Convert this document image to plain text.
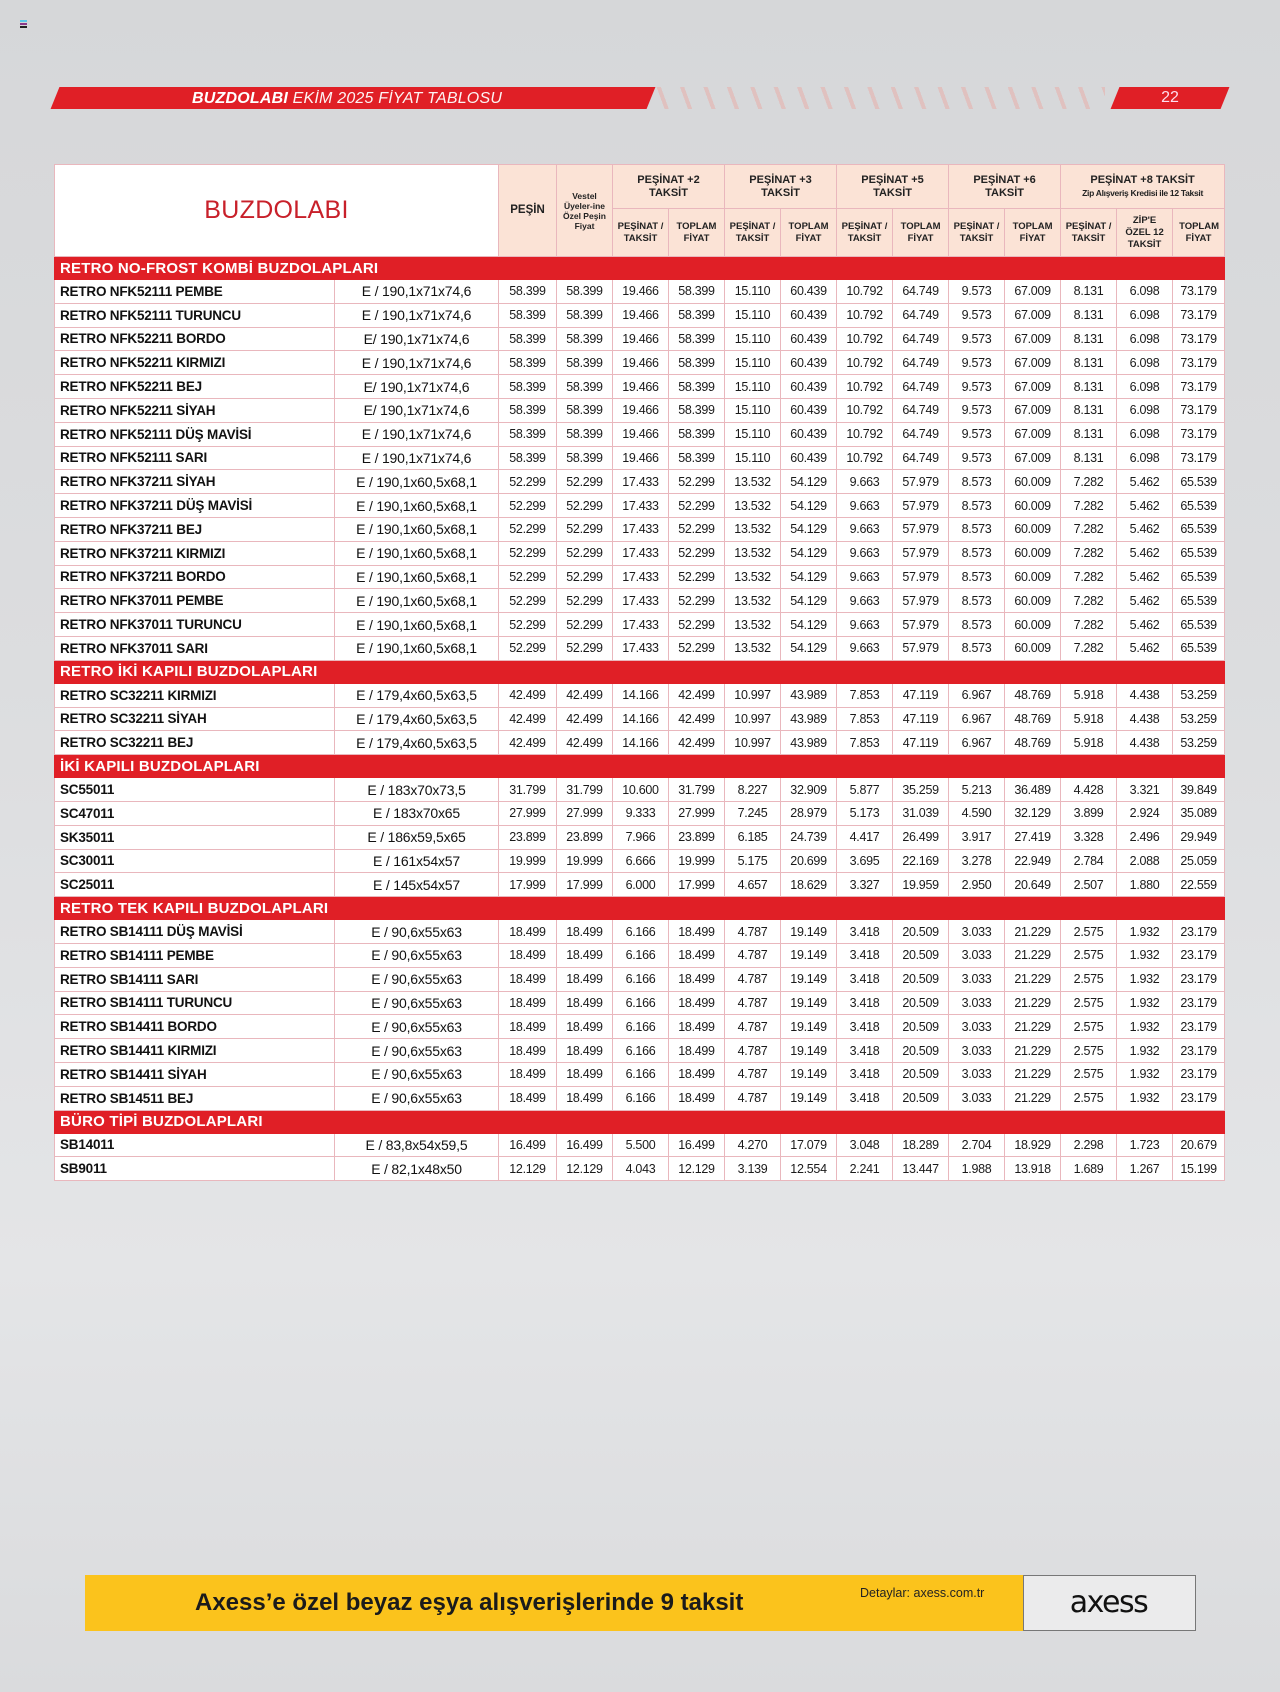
BUZDOLABI EKİM 2025 FİYAT TABLOSU	22
BUZDOLABI		PEŞİN	Vestel Üyeler-ine Özel Peşin Fiyat	PEŞİNAT +2 TAKSİT		PEŞİNAT +3 TAKSİT		PEŞİNAT +5 TAKSİT		PEŞİNAT +6 TAKSİT		PEŞİNAT +8 TAKSİT
Zip Alışveriş Kredisi ile 12 Taksit		

				PEŞİNAT / TAKSİT	TOPLAM FİYAT	PEŞİNAT / TAKSİT	TOPLAM FİYAT	PEŞİNAT / TAKSİT	TOPLAM FİYAT	PEŞİNAT / TAKSİT	TOPLAM FİYAT	PEŞİNAT / TAKSİT	ZİP'E ÖZEL 12 TAKSİT	TOPLAM FİYAT
RETRO NO-FROST KOMBİ BUZDOLAPLARI														
RETRO NFK52111 PEMBE	E / 190,1x71x74,6	58.399	58.399	19.466	58.399	15.110	60.439	10.792	64.749	9.573	67.009	8.131	6.098	73.179
RETRO NFK52111 TURUNCU	E / 190,1x71x74,6	58.399	58.399	19.466	58.399	15.110	60.439	10.792	64.749	9.573	67.009	8.131	6.098	73.179
RETRO NFK52211 BORDO	E/ 190,1x71x74,6	58.399	58.399	19.466	58.399	15.110	60.439	10.792	64.749	9.573	67.009	8.131	6.098	73.179
RETRO NFK52211 KIRMIZI	E / 190,1x71x74,6	58.399	58.399	19.466	58.399	15.110	60.439	10.792	64.749	9.573	67.009	8.131	6.098	73.179
RETRO NFK52211 BEJ	E/ 190,1x71x74,6	58.399	58.399	19.466	58.399	15.110	60.439	10.792	64.749	9.573	67.009	8.131	6.098	73.179
RETRO NFK52211 SİYAH	E/ 190,1x71x74,6	58.399	58.399	19.466	58.399	15.110	60.439	10.792	64.749	9.573	67.009	8.131	6.098	73.179
RETRO NFK52111 DÜŞ MAVİSİ	E / 190,1x71x74,6	58.399	58.399	19.466	58.399	15.110	60.439	10.792	64.749	9.573	67.009	8.131	6.098	73.179
RETRO NFK52111 SARI	E / 190,1x71x74,6	58.399	58.399	19.466	58.399	15.110	60.439	10.792	64.749	9.573	67.009	8.131	6.098	73.179
RETRO NFK37211 SİYAH	E / 190,1x60,5x68,1	52.299	52.299	17.433	52.299	13.532	54.129	9.663	57.979	8.573	60.009	7.282	5.462	65.539
RETRO NFK37211 DÜŞ MAVİSİ	E / 190,1x60,5x68,1	52.299	52.299	17.433	52.299	13.532	54.129	9.663	57.979	8.573	60.009	7.282	5.462	65.539
RETRO NFK37211 BEJ	E / 190,1x60,5x68,1	52.299	52.299	17.433	52.299	13.532	54.129	9.663	57.979	8.573	60.009	7.282	5.462	65.539
RETRO NFK37211 KIRMIZI	E / 190,1x60,5x68,1	52.299	52.299	17.433	52.299	13.532	54.129	9.663	57.979	8.573	60.009	7.282	5.462	65.539
RETRO NFK37211 BORDO	E / 190,1x60,5x68,1	52.299	52.299	17.433	52.299	13.532	54.129	9.663	57.979	8.573	60.009	7.282	5.462	65.539
RETRO NFK37011 PEMBE	E / 190,1x60,5x68,1	52.299	52.299	17.433	52.299	13.532	54.129	9.663	57.979	8.573	60.009	7.282	5.462	65.539
RETRO NFK37011 TURUNCU	E / 190,1x60,5x68,1	52.299	52.299	17.433	52.299	13.532	54.129	9.663	57.979	8.573	60.009	7.282	5.462	65.539
RETRO NFK37011 SARI	E / 190,1x60,5x68,1	52.299	52.299	17.433	52.299	13.532	54.129	9.663	57.979	8.573	60.009	7.282	5.462	65.539
RETRO İKİ KAPILI BUZDOLAPLARI														
RETRO SC32211 KIRMIZI	E / 179,4x60,5x63,5	42.499	42.499	14.166	42.499	10.997	43.989	7.853	47.119	6.967	48.769	5.918	4.438	53.259
RETRO SC32211 SİYAH	E / 179,4x60,5x63,5	42.499	42.499	14.166	42.499	10.997	43.989	7.853	47.119	6.967	48.769	5.918	4.438	53.259
RETRO SC32211 BEJ	E / 179,4x60,5x63,5	42.499	42.499	14.166	42.499	10.997	43.989	7.853	47.119	6.967	48.769	5.918	4.438	53.259
İKİ KAPILI BUZDOLAPLARI														
SC55011	E / 183x70x73,5	31.799	31.799	10.600	31.799	8.227	32.909	5.877	35.259	5.213	36.489	4.428	3.321	39.849
SC47011	E / 183x70x65	27.999	27.999	9.333	27.999	7.245	28.979	5.173	31.039	4.590	32.129	3.899	2.924	35.089
SK35011	E / 186x59,5x65	23.899	23.899	7.966	23.899	6.185	24.739	4.417	26.499	3.917	27.419	3.328	2.496	29.949
SC30011	E / 161x54x57	19.999	19.999	6.666	19.999	5.175	20.699	3.695	22.169	3.278	22.949	2.784	2.088	25.059
SC25011	E / 145x54x57	17.999	17.999	6.000	17.999	4.657	18.629	3.327	19.959	2.950	20.649	2.507	1.880	22.559
RETRO TEK KAPILI BUZDOLAPLARI														
RETRO SB14111 DÜŞ MAVİSİ	E / 90,6x55x63	18.499	18.499	6.166	18.499	4.787	19.149	3.418	20.509	3.033	21.229	2.575	1.932	23.179
RETRO SB14111 PEMBE	E / 90,6x55x63	18.499	18.499	6.166	18.499	4.787	19.149	3.418	20.509	3.033	21.229	2.575	1.932	23.179
RETRO SB14111 SARI	E / 90,6x55x63	18.499	18.499	6.166	18.499	4.787	19.149	3.418	20.509	3.033	21.229	2.575	1.932	23.179
RETRO SB14111 TURUNCU	E / 90,6x55x63	18.499	18.499	6.166	18.499	4.787	19.149	3.418	20.509	3.033	21.229	2.575	1.932	23.179
RETRO SB14411 BORDO	E / 90,6x55x63	18.499	18.499	6.166	18.499	4.787	19.149	3.418	20.509	3.033	21.229	2.575	1.932	23.179
RETRO SB14411 KIRMIZI	E / 90,6x55x63	18.499	18.499	6.166	18.499	4.787	19.149	3.418	20.509	3.033	21.229	2.575	1.932	23.179
RETRO SB14411 SİYAH	E / 90,6x55x63	18.499	18.499	6.166	18.499	4.787	19.149	3.418	20.509	3.033	21.229	2.575	1.932	23.179
RETRO SB14511 BEJ	E / 90,6x55x63	18.499	18.499	6.166	18.499	4.787	19.149	3.418	20.509	3.033	21.229	2.575	1.932	23.179
BÜRO TİPİ BUZDOLAPLARI														
SB14011	E / 83,8x54x59,5	16.499	16.499	5.500	16.499	4.270	17.079	3.048	18.289	2.704	18.929	2.298	1.723	20.679
SB9011	E / 82,1x48x50	12.129	12.129	4.043	12.129	3.139	12.554	2.241	13.447	1.988	13.918	1.689	1.267	15.199
Axess’e özel beyaz eşya alışverişlerinde 9 taksit	Detaylar: axess.com.tr	axess
